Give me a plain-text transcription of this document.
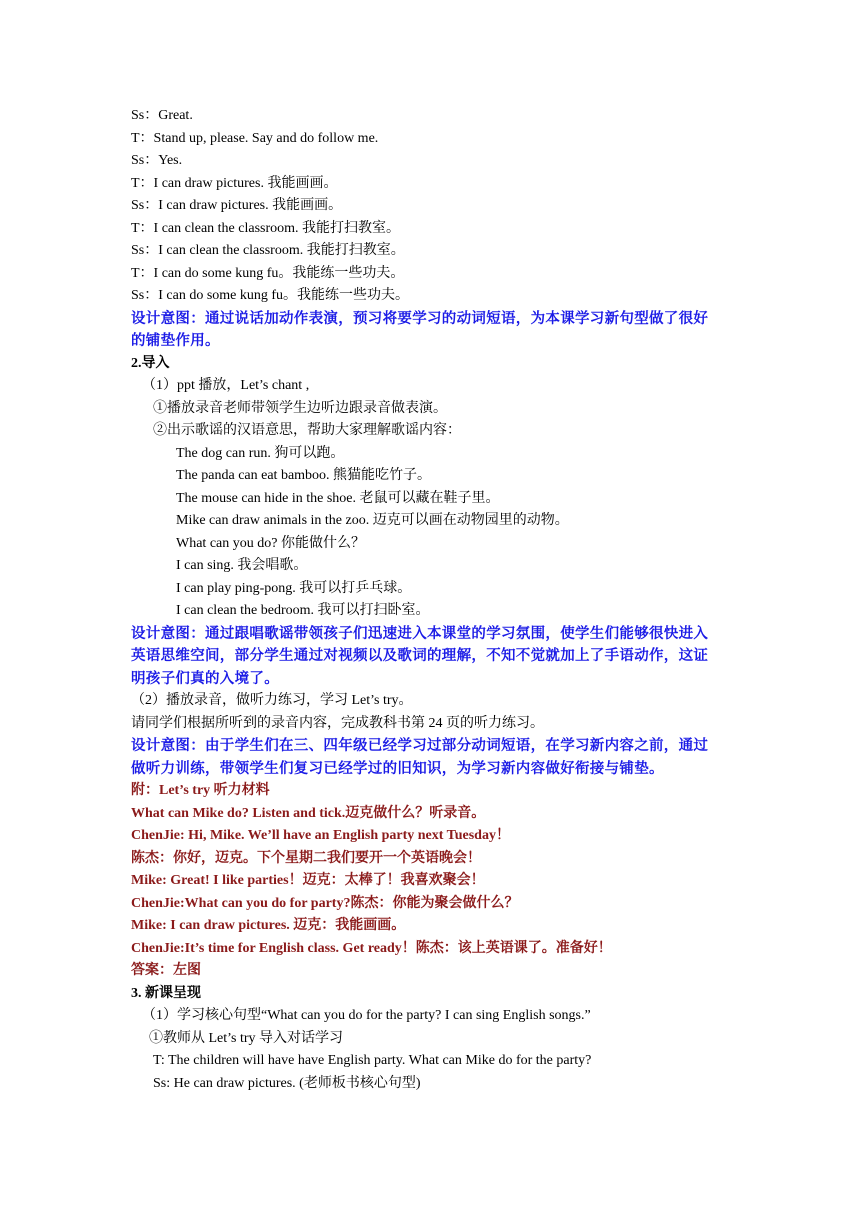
Ss：Great.
T：Stand up, please. Say and do follow me.
Ss：Yes.
T：I can draw pictures. 我能画画。
Ss：I can draw pictures. 我能画画。
T：I can clean the classroom. 我能打扫教室。
Ss：I can clean the classroom. 我能打扫教室。
T：I can do some kung fu。我能练一些功夫。
Ss：I can do some kung fu。我能练一些功夫。
设计意图：通过说话加动作表演，预习将要学习的动词短语，为本课学习新句型做了很好
的铺垫作用。
2.导入
（1）ppt 播放，Let’s chant ,
①播放录音老师带领学生边听边跟录音做表演。
②出示歌谣的汉语意思，帮助大家理解歌谣内容：
The dog can run. 狗可以跑。
The panda can eat bamboo. 熊猫能吃竹子。
The mouse can hide in the shoe. 老鼠可以藏在鞋子里。
Mike can draw animals in the zoo. 迈克可以画在动物园里的动物。
What can you do? 你能做什么？
I can sing. 我会唱歌。
I can play ping-pong. 我可以打乒乓球。
I can clean the bedroom. 我可以打扫卧室。
设计意图：通过跟唱歌谣带领孩子们迅速进入本课堂的学习氛围，使学生们能够很快进入
英语思维空间，部分学生通过对视频以及歌词的理解，不知不觉就加上了手语动作，这证
明孩子们真的入境了。
（2）播放录音，做听力练习，学习 Let’s try。
请同学们根据所听到的录音内容，完成教科书第 24 页的听力练习。
设计意图：由于学生们在三、四年级已经学习过部分动词短语，在学习新内容之前，通过
做听力训练，带领学生们复习已经学过的旧知识，为学习新内容做好衔接与铺垫。
附：Let’s try 听力材料
What can Mike do? Listen and tick.迈克做什么？听录音。
ChenJie: Hi, Mike. We’ll have an English party next Tuesday！
陈杰：你好，迈克。下个星期二我们要开一个英语晚会！
Mike: Great! I like parties！迈克：太棒了！我喜欢聚会！
ChenJie:What can you do for party?陈杰：你能为聚会做什么？
Mike: I can draw pictures. 迈克：我能画画。
ChenJie:It’s time for English class. Get ready！陈杰：该上英语课了。准备好！
答案：左图
3. 新课呈现
（1）学习核心句型“What can you do for the party? I can sing English songs.”
①教师从 Let’s try 导入对话学习
T: The children will have have English party. What can Mike do for the party?
Ss: He can draw pictures. (老师板书核心句型)
